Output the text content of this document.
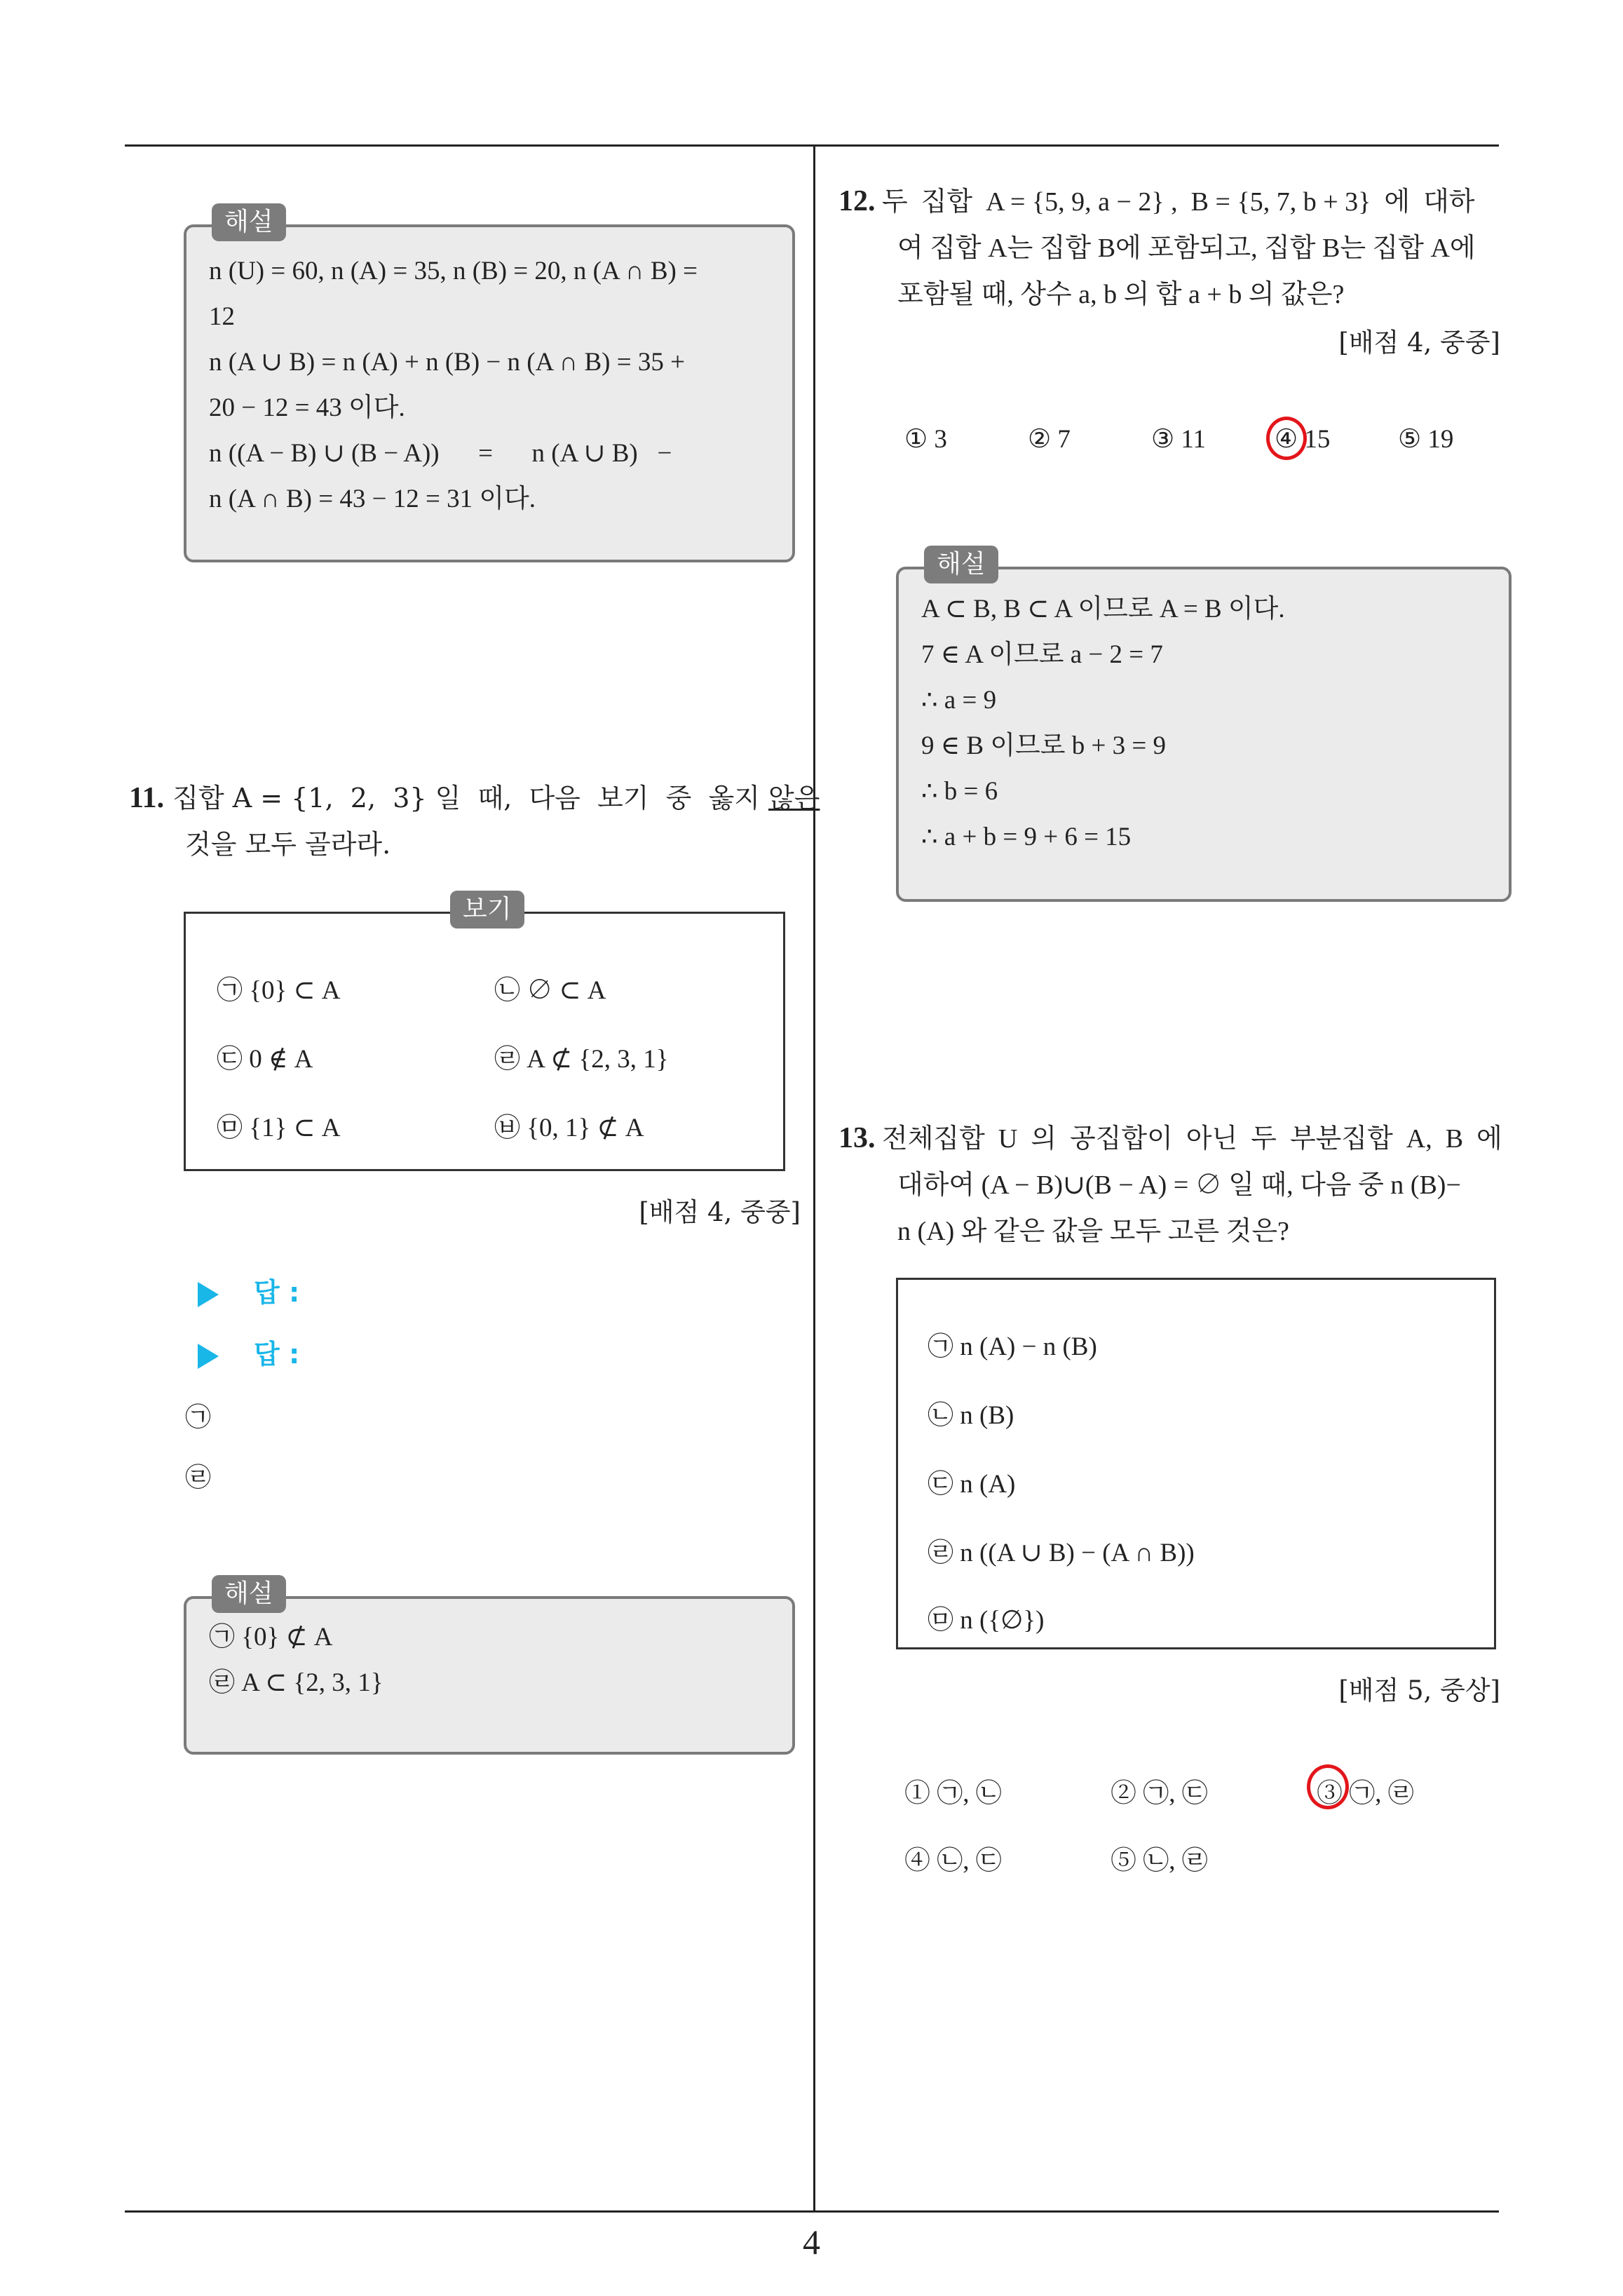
4
n (U) = 60, n (A) = 35, n (B) = 20, n (A ∩ B) =
12
n (A ∪ B) = n (A) + n (B) − n (A ∩ B) = 35 +
20 − 12 = 43 이다.
n ((A − B) ∪ (B − A))      =      n (A ∪ B)   −
n (A ∩ B) = 43 − 12 = 31 이다.
해설
11. 집합 A = {1,  2,  3} 일  때,  다음  보기  중  옳지 않은
것을 모두 골라라.
㉠ {0} ⊂ A	㉡ ∅ ⊂ A
㉢ 0 ∉ A	㉣ A ⊄ {2, 3, 1}
㉤ {1} ⊂ A	㉥ {0, 1} ⊄ A
보기
[배점 4, 중중]
답 :
답 :
㉠
㉣
㉠ {0} ⊄ A
㉣ A ⊂ {2, 3, 1}
해설
12. 두  집합  A = {5, 9, a − 2} ,  B = {5, 7, b + 3}  에  대하
여 집합 A는 집합 B에 포함되고, 집합 B는 집합 A에
포함될 때, 상수 a, b 의 합 a + b 의 값은?
[배점 4, 중중]
① 3	② 7	③ 11	④ 15	⑤ 19
A ⊂ B, B ⊂ A 이므로 A = B 이다.
7 ∈ A 이므로 a − 2 = 7
∴ a = 9
9 ∈ B 이므로 b + 3 = 9
∴ b = 6
∴ a + b = 9 + 6 = 15
해설
13. 전체집합  U  의  공집합이  아닌  두  부분집합  A,  B  에
대하여 (A − B)∪(B − A) = ∅ 일 때, 다음 중 n (B)−
n (A) 와 같은 값을 모두 고른 것은?
㉠ n (A) − n (B)
㉡ n (B)
㉢ n (A)
㉣ n ((A ∪ B) − (A ∩ B))
㉤ n ({∅})
[배점 5, 중상]
① ㉠, ㉡	② ㉠, ㉢	③ ㉠, ㉣
④ ㉡, ㉢	⑤ ㉡, ㉣
